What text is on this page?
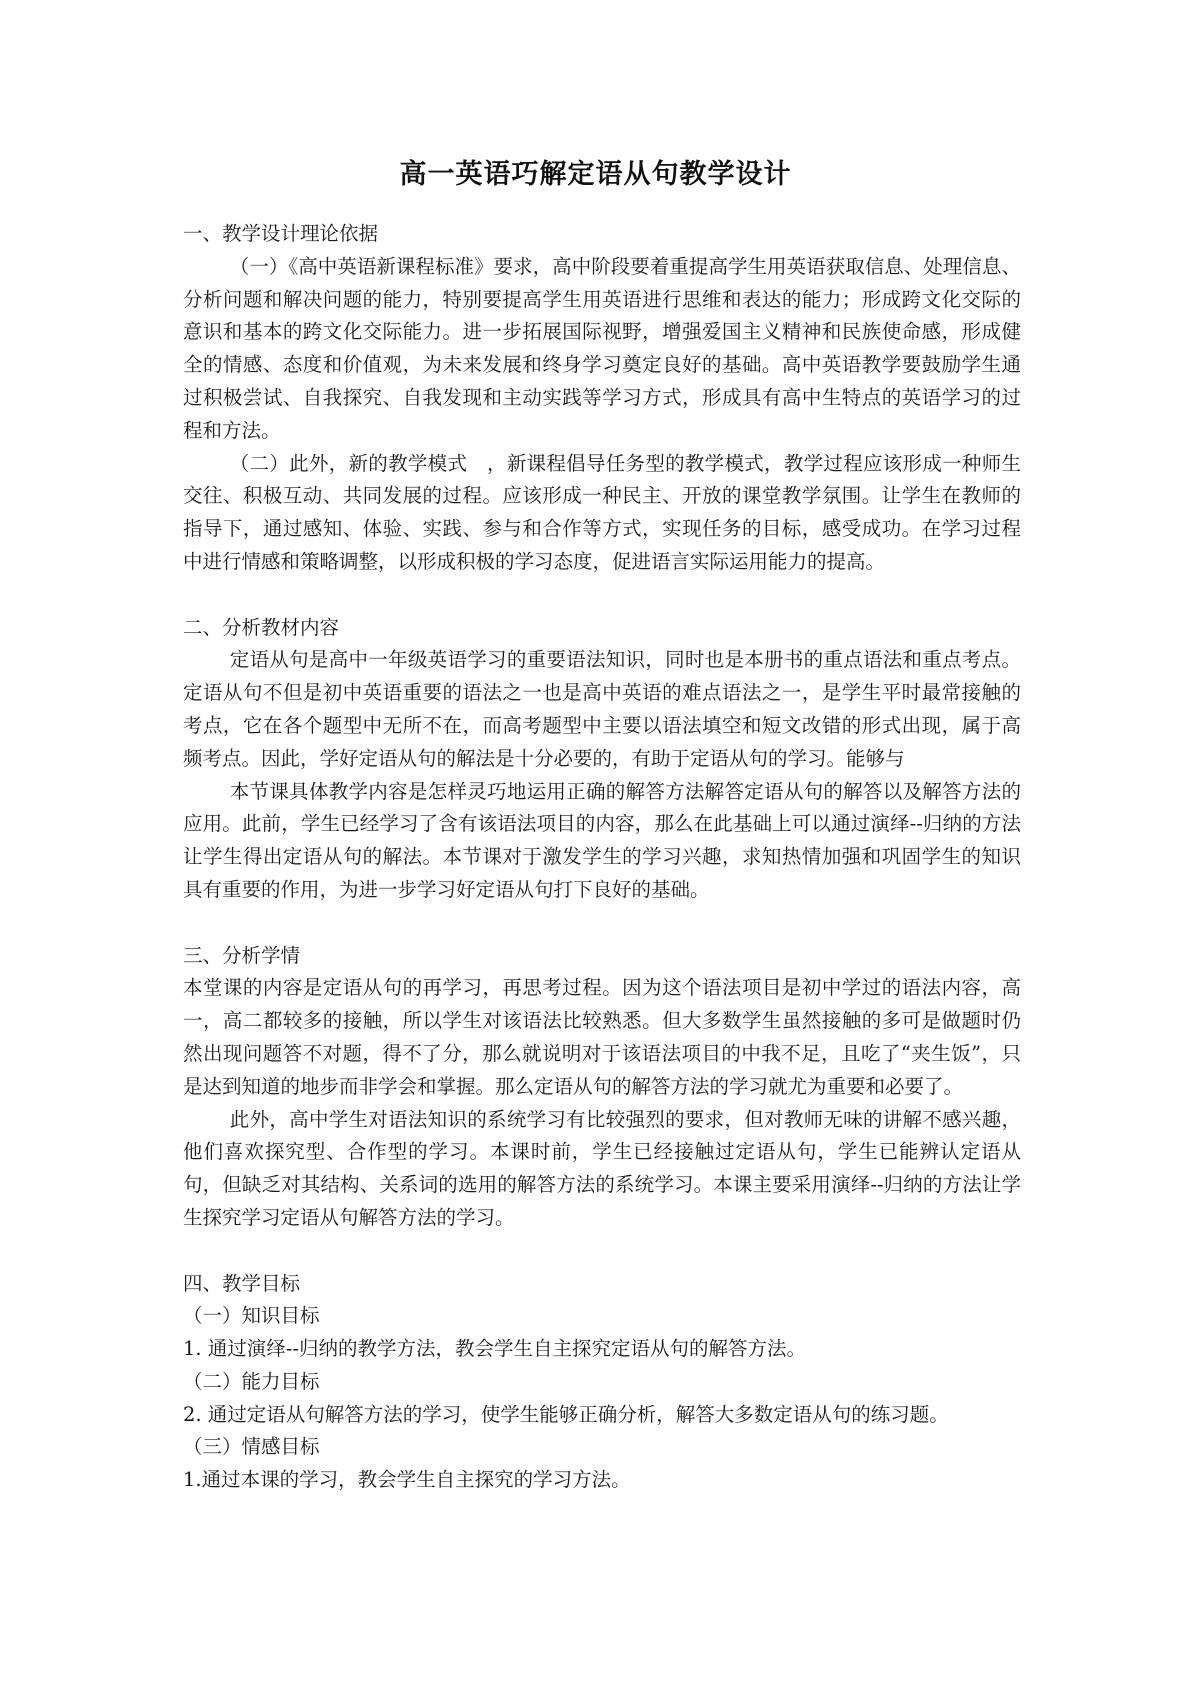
高一英语巧解定语从句教学设计

一、教学设计理论依据

（一）《高中英语新课程标准》要求，高中阶段要着重提高学生用英语获取信息、处理信息、分析问题和解决问题的能力，特别要提高学生用英语进行思维和表达的能力；形成跨文化交际的意识和基本的跨文化交际能力。进一步拓展国际视野，增强爱国主义精神和民族使命感，形成健全的情感、态度和价值观，为未来发展和终身学习奠定良好的基础。高中英语教学要鼓励学生通过积极尝试、自我探究、自我发现和主动实践等学习方式，形成具有高中生特点的英语学习的过程和方法。

（二）此外，新的教学模式　，新课程倡导任务型的教学模式，教学过程应该形成一种师生交往、积极互动、共同发展的过程。应该形成一种民主、开放的课堂教学氛围。让学生在教师的指导下，通过感知、体验、实践、参与和合作等方式，实现任务的目标，感受成功。在学习过程中进行情感和策略调整，以形成积极的学习态度，促进语言实际运用能力的提高。

二、分析教材内容

定语从句是高中一年级英语学习的重要语法知识，同时也是本册书的重点语法和重点考点。定语从句不但是初中英语重要的语法之一也是高中英语的难点语法之一，是学生平时最常接触的考点，它在各个题型中无所不在，而高考题型中主要以语法填空和短文改错的形式出现，属于高频考点。因此，学好定语从句的解法是十分必要的，有助于定语从句的学习。能够与

本节课具体教学内容是怎样灵巧地运用正确的解答方法解答定语从句的解答以及解答方法的应用。此前，学生已经学习了含有该语法项目的内容，那么在此基础上可以通过演绎--归纳的方法让学生得出定语从句的解法。本节课对于激发学生的学习兴趣，求知热情加强和巩固学生的知识具有重要的作用，为进一步学习好定语从句打下良好的基础。

三、分析学情

本堂课的内容是定语从句的再学习，再思考过程。因为这个语法项目是初中学过的语法内容，高一，高二都较多的接触，所以学生对该语法比较熟悉。但大多数学生虽然接触的多可是做题时仍然出现问题答不对题，得不了分，那么就说明对于该语法项目的中我不足，且吃了“夹生饭”，只是达到知道的地步而非学会和掌握。那么定语从句的解答方法的学习就尤为重要和必要了。

此外，高中学生对语法知识的系统学习有比较强烈的要求，但对教师无味的讲解不感兴趣，他们喜欢探究型、合作型的学习。本课时前，学生已经接触过定语从句，学生已能辨认定语从句，但缺乏对其结构、关系词的选用的解答方法的系统学习。本课主要采用演绎--归纳的方法让学生探究学习定语从句解答方法的学习。

四、教学目标

（一）知识目标

1. 通过演绎--归纳的教学方法，教会学生自主探究定语从句的解答方法。

（二）能力目标

2. 通过定语从句解答方法的学习，使学生能够正确分析，解答大多数定语从句的练习题。

（三）情感目标

1.通过本课的学习，教会学生自主探究的学习方法。
